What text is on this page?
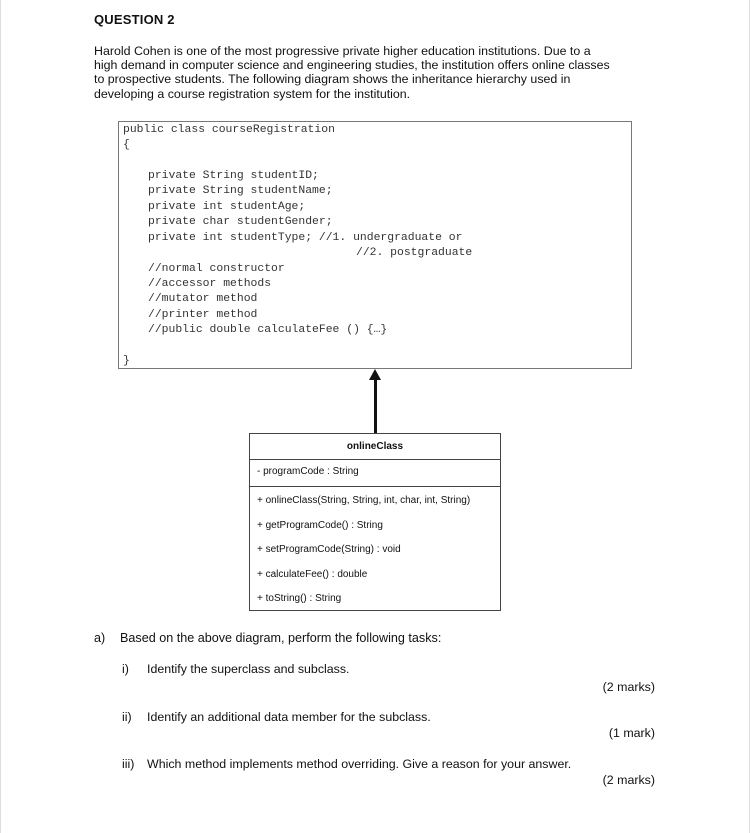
QUESTION 2
Harold Cohen is one of the most progressive private higher education institutions. Due to a
high demand in computer science and engineering studies, the institution offers online classes
to prospective students. The following diagram shows the inheritance hierarchy used in
developing a course registration system for the institution.
public class courseRegistration
{
private String studentID;
private String studentName;
private int studentAge;
private char studentGender;
private int studentType; //1. undergraduate or
//2. postgraduate
//normal constructor
//accessor methods
//mutator method
//printer method
//public double calculateFee () {…}
}
onlineClass
- programCode : String
+ onlineClass(String, String, int, char, int, String)
+ getProgramCode() : String
+ setProgramCode(String) : void
+ calculateFee() : double
+ toString() : String
a) Based on the above diagram, perform the following tasks:
i) Identify the superclass and subclass.
(2 marks)
ii) Identify an additional data member for the subclass.
(1 mark)
iii) Which method implements method overriding. Give a reason for your answer.
(2 marks)
